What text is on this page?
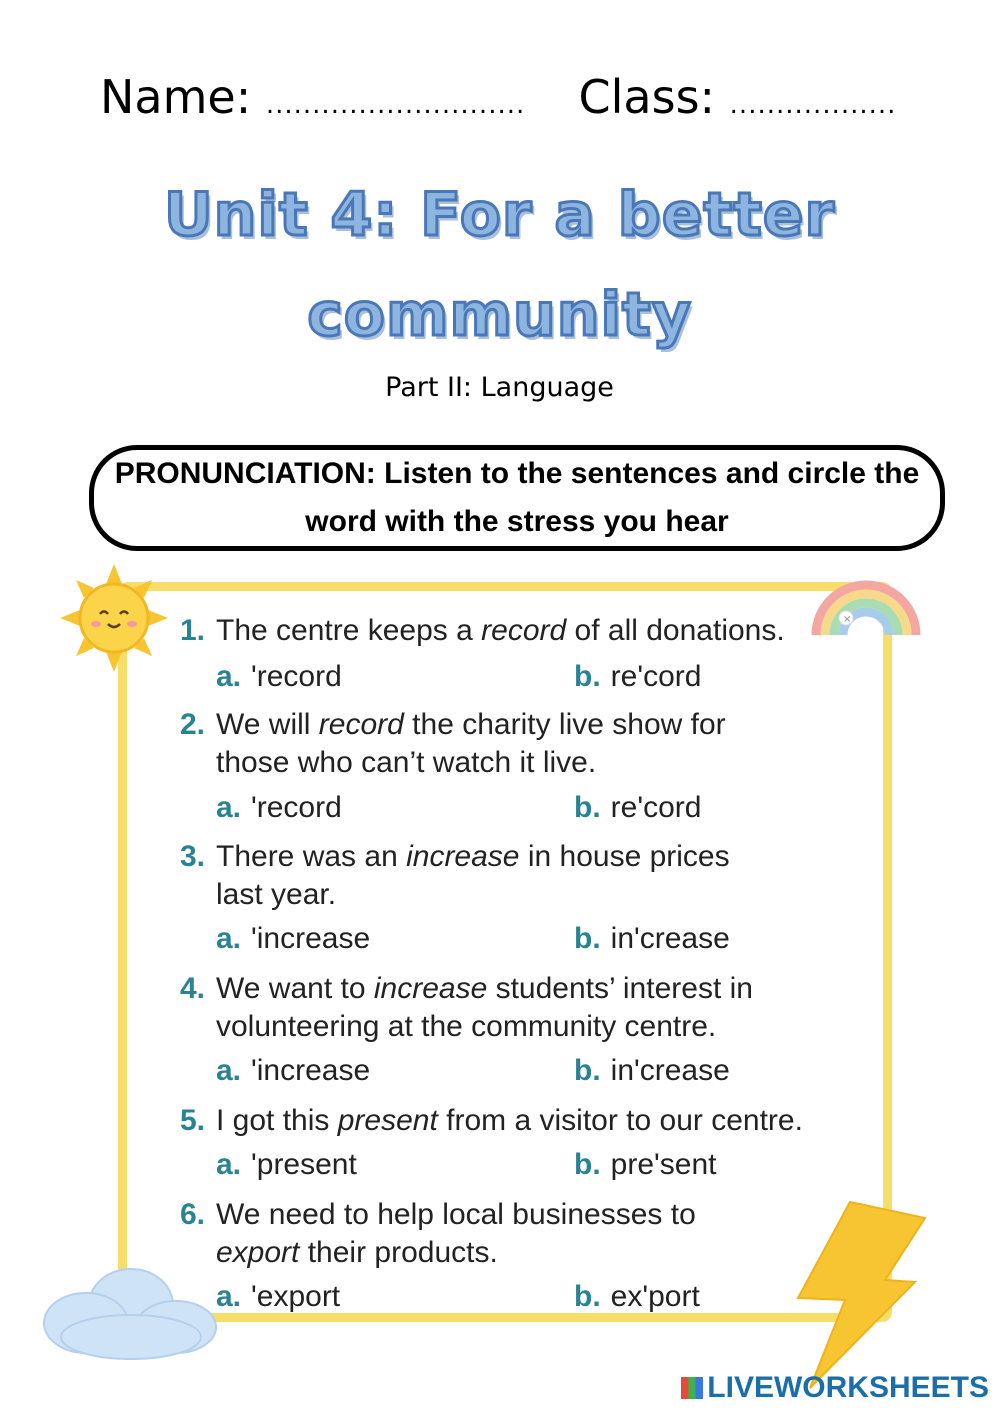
Name: ............................ Class: ..................
Unit 4: For a better
community
Part II: Language
PRONUNCIATION: Listen to the sentences and circle the word with the stress you hear
×
1. The centre keeps a record of all donations.
a. 'record	b. re'cord
2. We will record the charity live show for
those who can’t watch it live.
a. 'record	b. re'cord
3. There was an increase in house prices
last year.
a. 'increase	b. in'crease
4. We want to increase students’ interest in
volunteering at the community centre.
a. 'increase	b. in'crease
5. I got this present from a visitor to our centre.
a. 'present	b. pre'sent
6. We need to help local businesses to
export their products.
a. 'export	b. ex'port
LIVEWORKSHEETS
